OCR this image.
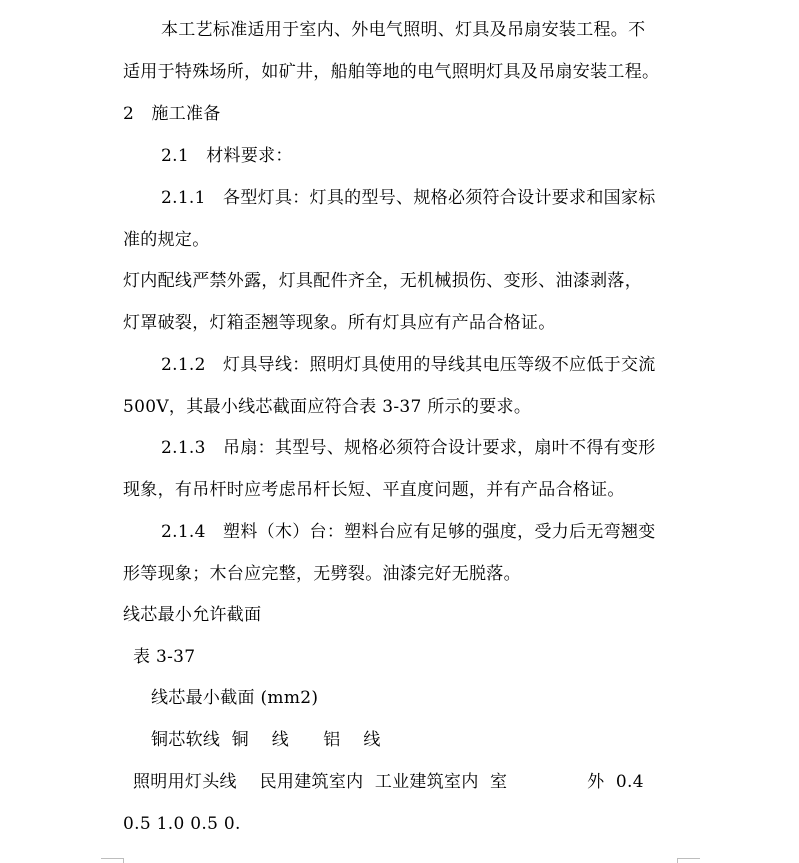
本工艺标准适用于室内、外电气照明、灯具及吊扇安装工程。不
适用于特殊场所，如矿井，船舶等地的电气照明灯具及吊扇安装工程。
2　施工准备
2.1　材料要求：
2.1.1　各型灯具：灯具的型号、规格必须符合设计要求和国家标
准的规定。
灯内配线严禁外露，灯具配件齐全，无机械损伤、变形、油漆剥落，
灯罩破裂，灯箱歪翘等现象。所有灯具应有产品合格证。
2.1.2　灯具导线：照明灯具使用的导线其电压等级不应低于交流
500V，其最小线芯截面应符合表 3-37 所示的要求。
2.1.3　吊扇：其型号、规格必须符合设计要求，扇叶不得有变形
现象，有吊杆时应考虑吊杆长短、平直度问题，并有产品合格证。
2.1.4　塑料（木）台：塑料台应有足够的强度，受力后无弯翘变
形等现象；木台应完整，无劈裂。油漆完好无脱落。
线芯最小允许截面
表 3-37
线芯最小截面 (mm2)
铜芯软线  铜    线      铝    线
照明用灯头线    民用建筑室内  工业建筑室内  室              外  0.4
0.5 1.0 0.5 0.
